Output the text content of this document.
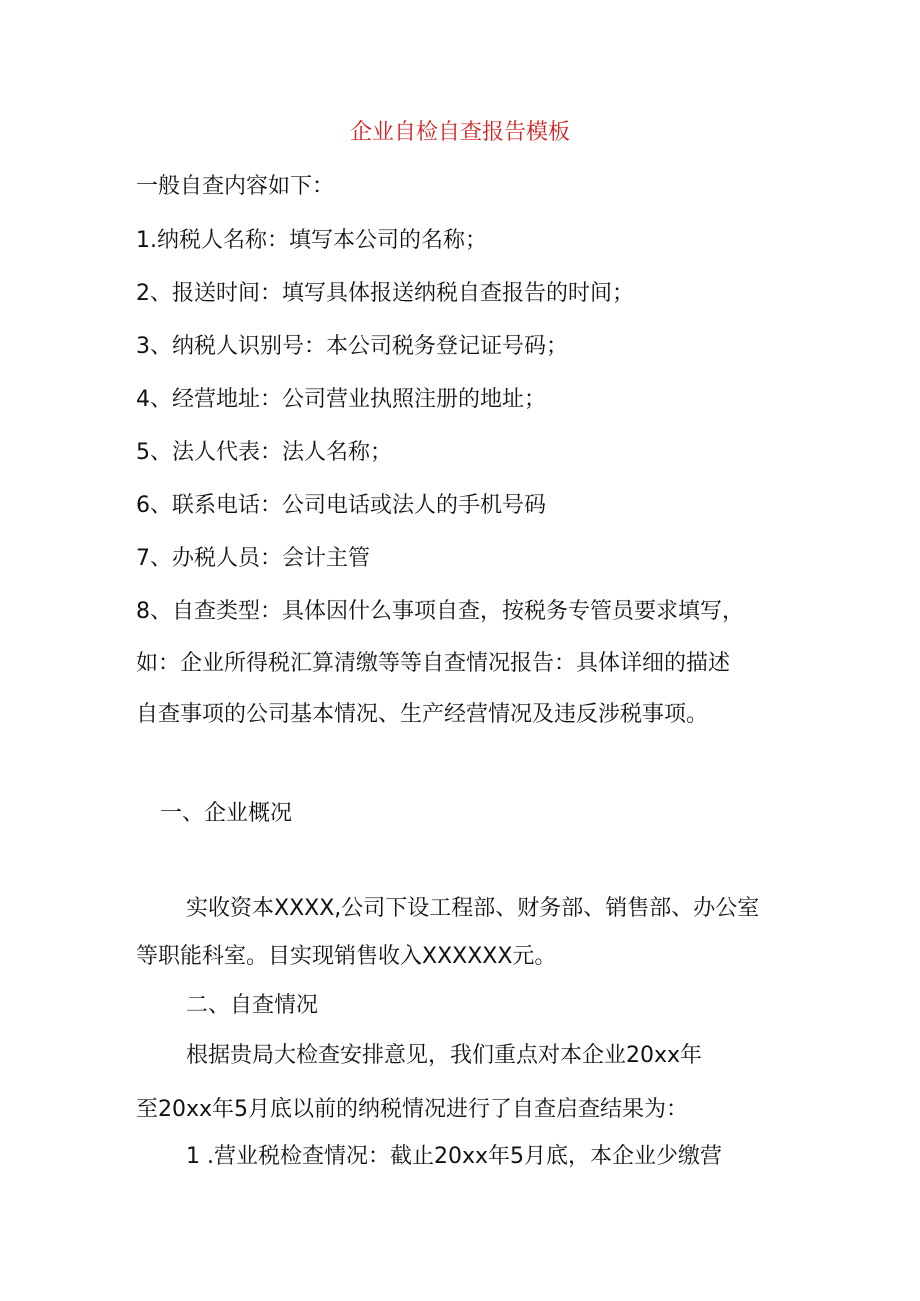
企业自检自查报告模板
一般自查内容如下：
1.纳税人名称：填写本公司的名称；
2、报送时间：填写具体报送纳税自查报告的时间；
3、纳税人识别号：本公司税务登记证号码；
4、经营地址：公司营业执照注册的地址；
5、法人代表：法人名称；
6、联系电话：公司电话或法人的手机号码
7、办税人员：会计主管
8、自查类型：具体因什么事项自查，按税务专管员要求填写，
如：企业所得税汇算清缴等等自查情况报告：具体详细的描述
自查事项的公司基本情况、生产经营情况及违反涉税事项。
一、企业概况
实收资本XXXX,公司下设工程部、财务部、销售部、办公室
等职能科室。目实现销售收入XXXXXX元。
二、自查情况
根据贵局大检查安排意见，我们重点对本企业20xx年
至20xx年5月底以前的纳税情况进行了自查启查结果为：
1 .营业税检查情况：截止20xx年5月底，本企业少缴营
